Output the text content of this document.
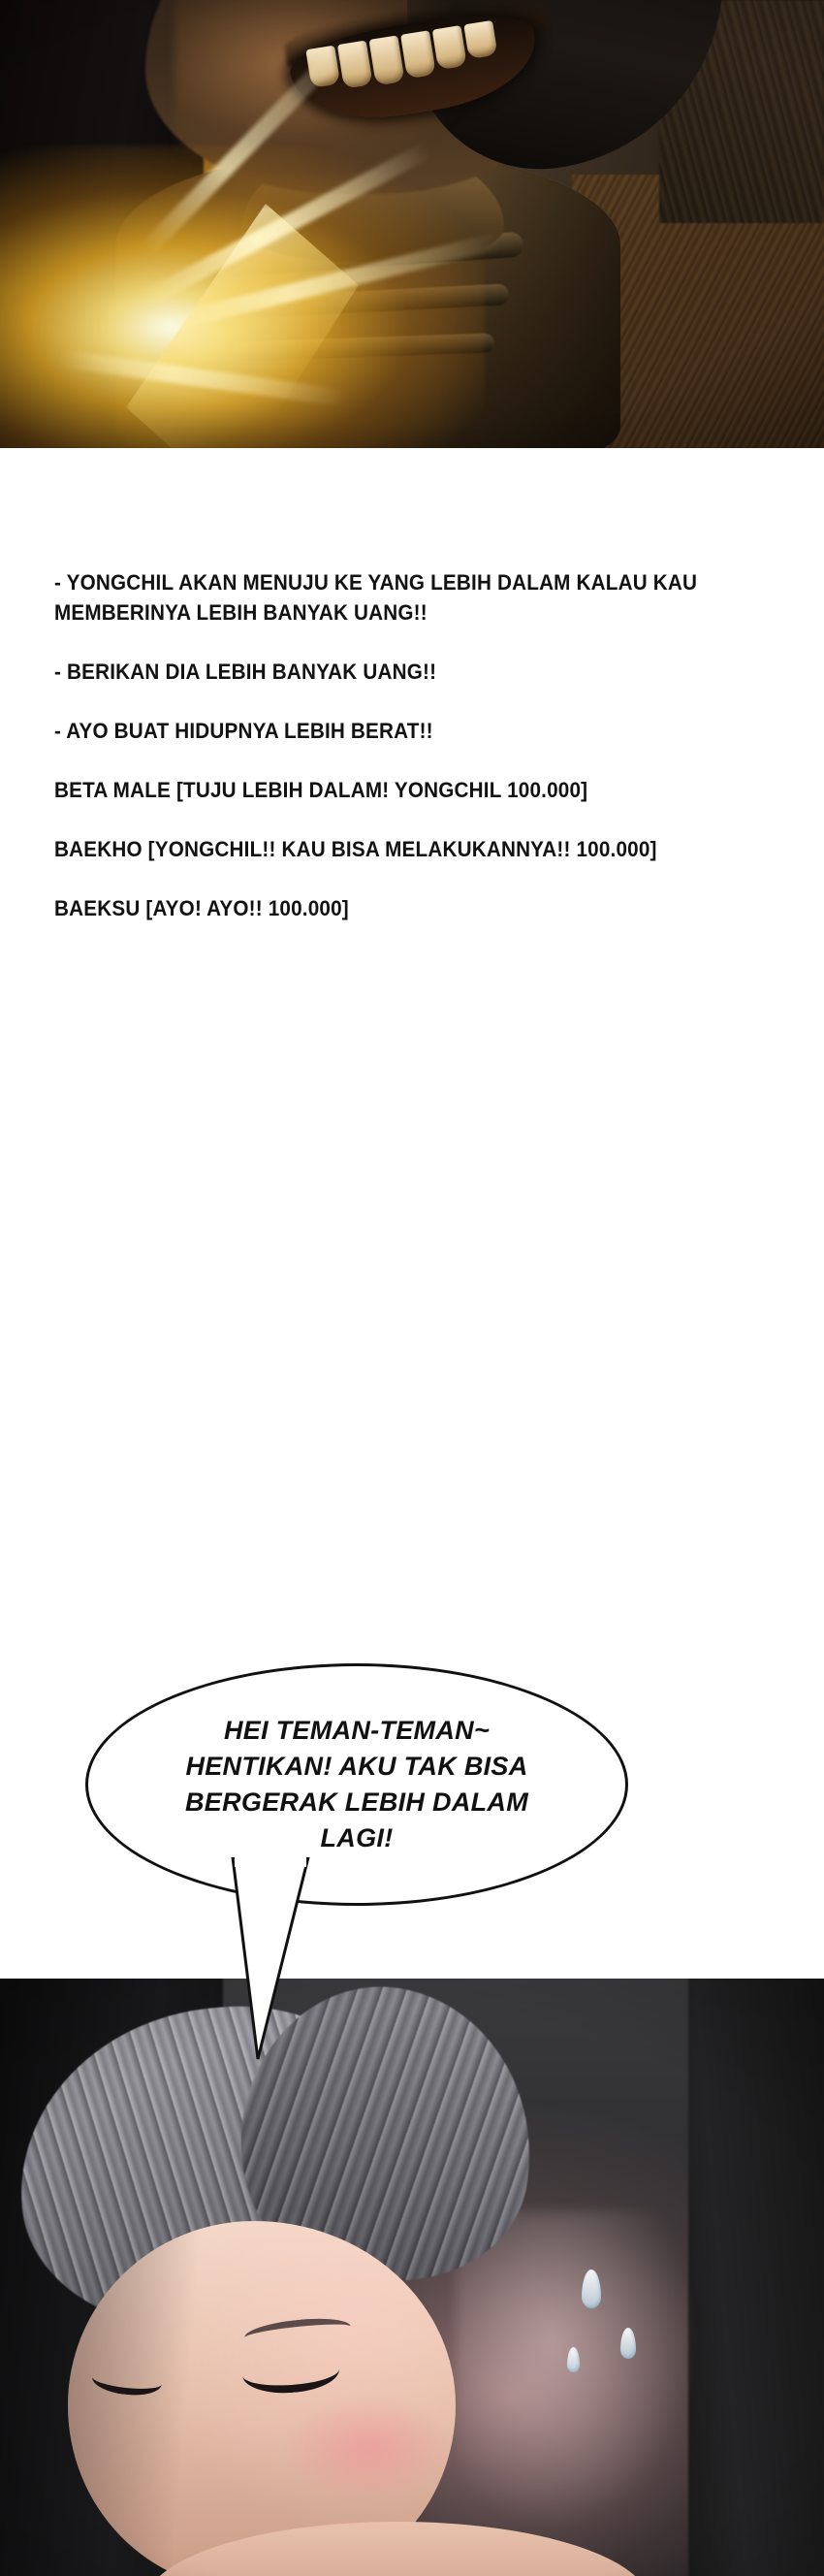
- YONGCHIL AKAN MENUJU KE YANG LEBIH DALAM KALAU KAU MEMBERINYA LEBIH BANYAK UANG!!

- BERIKAN DIA LEBIH BANYAK UANG!!

- AYO BUAT HIDUPNYA LEBIH BERAT!!

BETA MALE [TUJU LEBIH DALAM! YONGCHIL 100.000]

BAEKHO [YONGCHIL!! KAU BISA MELAKUKANNYA!! 100.000]

BAEKSU [AYO! AYO!! 100.000]

HEI TEMAN-TEMAN~ HENTIKAN! AKU TAK BISA BERGERAK LEBIH DALAM LAGI!
